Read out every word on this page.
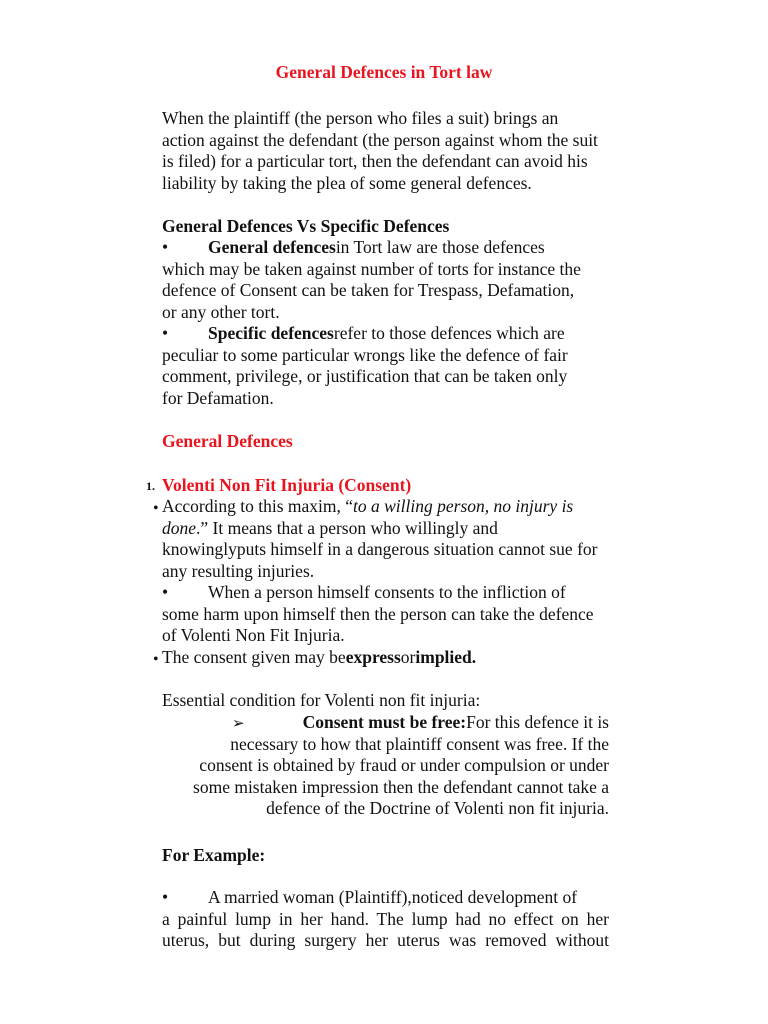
General Defences in Tort law
When the plaintiff (the person who files a suit) brings an
action against the defendant (the person against whom the suit
is filed) for a particular tort, then the defendant can avoid his
liability by taking the plea of some general defences.
General Defences Vs Specific Defences
• General defencesin Tort law are those defences
which may be taken against number of torts for instance the
defence of Consent can be taken for Trespass, Defamation,
or any other tort.
• Specific defencesrefer to those defences which are
peculiar to some particular wrongs like the defence of fair
comment, privilege, or justification that can be taken only
for Defamation.
General Defences
1. Volenti Non Fit Injuria (Consent)
• According to this maxim, “to a willing person, no injury is
done.” It means that a person who willingly and
knowinglyputs himself in a dangerous situation cannot sue for
any resulting injuries.
• When a person himself consents to the infliction of
some harm upon himself then the person can take the defence
of Volenti Non Fit Injuria.
• The consent given may beexpressorimplied.
Essential condition for Volenti non fit injuria:
➢	Consent must be free:For this defence it is
necessary to how that plaintiff consent was free. If the
consent is obtained by fraud or under compulsion or under
some mistaken impression then the defendant cannot take a
defence of the Doctrine of Volenti non fit injuria.
For Example:
• A married woman (Plaintiff),noticed development of
a painful lump in her hand. The lump had no effect on her
uterus, but during surgery her uterus was removed without
